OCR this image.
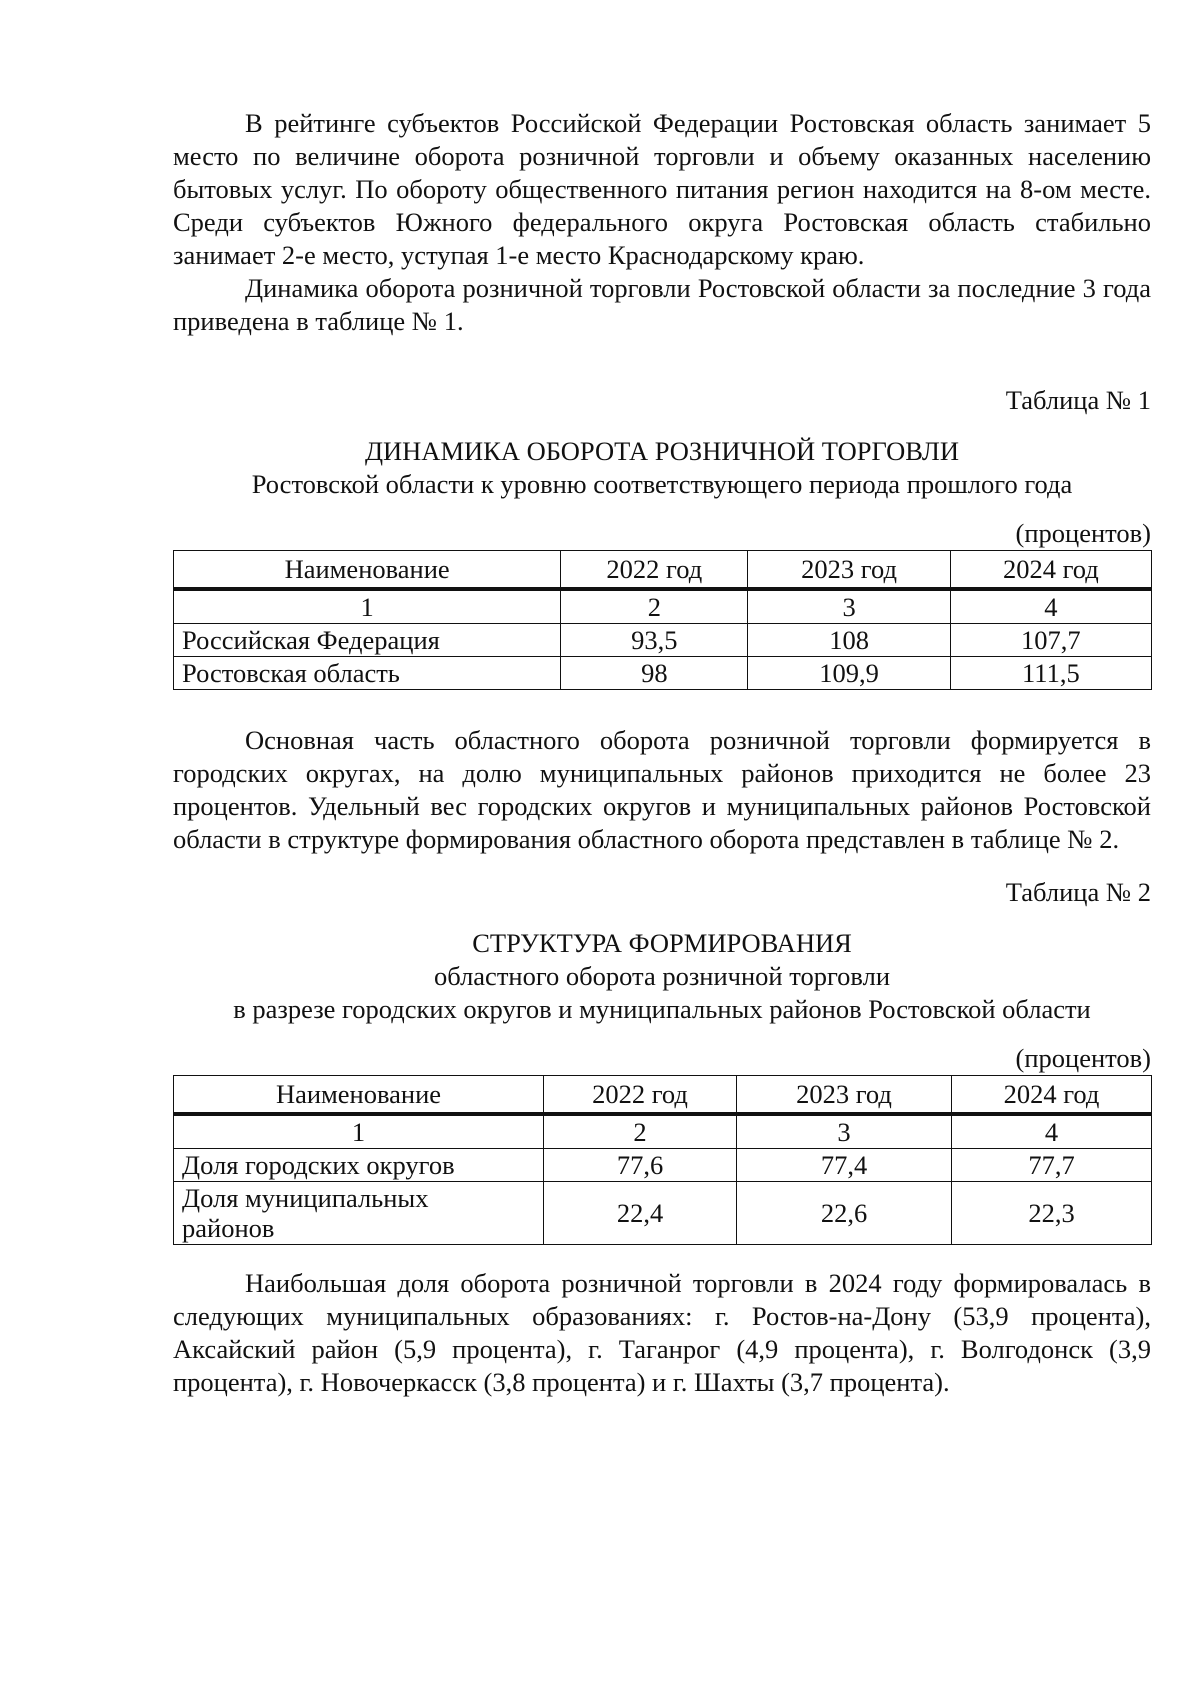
В рейтинге субъектов Российской Федерации Ростовская область занимает 5 место по величине оборота розничной торговли и объему оказанных населению бытовых услуг. По обороту общественного питания регион находится на 8-ом месте. Среди субъектов Южного федерального округа Ростовская область стабильно занимает 2-е место, уступая 1-е место Краснодарскому краю.

Динамика оборота розничной торговли Ростовской области за последние 3 года приведена в таблице № 1.

Таблица № 1
ДИНАМИКА ОБОРОТА РОЗНИЧНОЙ ТОРГОВЛИ
Ростовской области к уровню соответствующего периода прошлого года
(процентов)
Наименование	2022 год	2023 год	2024 год
1	2	3	4
Российская Федерация	93,5	108	107,7
Ростовская область	98	109,9	111,5

Основная часть областного оборота розничной торговли формируется в городских округах, на долю муниципальных районов приходится не более 23 процентов. Удельный вес городских округов и муниципальных районов Ростовской области в структуре формирования областного оборота представлен в таблице № 2.

Таблица № 2
СТРУКТУРА ФОРМИРОВАНИЯ
областного оборота розничной торговли
в разрезе городских округов и муниципальных районов Ростовской области
(процентов)
Наименование	2022 год	2023 год	2024 год
1	2	3	4
Доля городских округов	77,6	77,4	77,7
Доля муниципальных районов	22,4	22,6	22,3

Наибольшая доля оборота розничной торговли в 2024 году формировалась в следующих муниципальных образованиях: г. Ростов-на-Дону (53,9 процента), Аксайский район (5,9 процента), г. Таганрог (4,9 процента), г. Волгодонск (3,9 процента), г. Новочеркасск (3,8 процента) и г. Шахты (3,7 процента).
